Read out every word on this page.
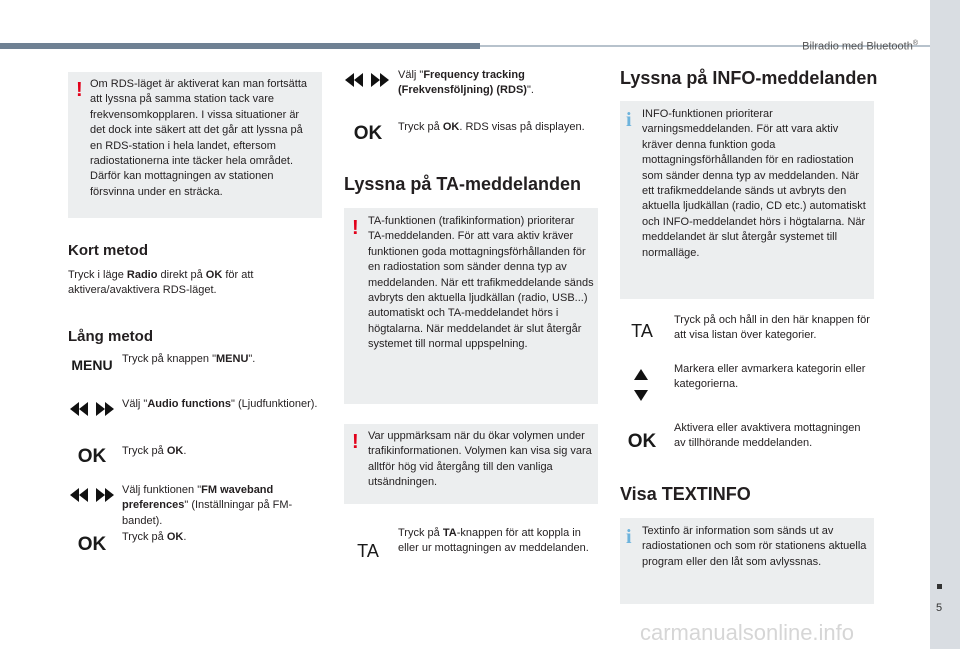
Bilradio med Bluetooth®
5
carmanualsonline.info
! Om RDS-läget är aktiverat kan man fortsätta att lyssna på samma station tack vare frekvensomkopplaren. I vissa situationer är det dock inte säkert att det går att lyssna på en RDS-station i hela landet, eftersom radiostationerna inte täcker hela området. Därför kan mottagningen av stationen försvinna under en sträcka.
Kort metod
Tryck i läge Radio direkt på OK för att aktivera/avaktivera RDS-läget.
Lång metod
MENU Tryck på knappen "MENU".
Välj "Audio functions" (Ljudfunktioner).
OK	Tryck på OK.
Välj funktionen "FM waveband preferences" (Inställningar på FM-bandet).
OK	Tryck på OK.
Välj "Frequency tracking (Frekvensföljning) (RDS)".
OK	Tryck på OK. RDS visas på displayen.
Lyssna på TA-meddelanden
! TA-funktionen (trafikinformation) prioriterar TA-meddelanden. För att vara aktiv kräver funktionen goda mottagningsförhållanden för en radiostation som sänder denna typ av meddelanden. När ett trafikmeddelande sänds avbryts den aktuella ljudkällan (radio, USB...) automatiskt och TA-meddelandet hörs i högtalarna. När meddelandet är slut återgår systemet till normal uppspelning.
! Var uppmärksam när du ökar volymen under trafikinformationen. Volymen kan visa sig vara alltför hög vid återgång till den vanliga utsändningen.
TA
Tryck på TA-knappen för att koppla in eller ur mottagningen av meddelanden.
Lyssna på INFO-meddelanden
i INFO-funktionen prioriterar varningsmeddelanden. För att vara aktiv kräver denna funktion goda mottagningsförhållanden för en radiostation som sänder denna typ av meddelanden. När ett trafikmeddelande sänds ut avbryts den aktuella ljudkällan (radio, CD etc.) automatiskt och INFO-meddelandet hörs i högtalarna. När meddelandet är slut återgår systemet till normalläge.
TA
Tryck på och håll in den här knappen för att visa listan över kategorier.
Markera eller avmarkera kategorin eller kategorierna.
OK
Aktivera eller avaktivera mottagningen av tillhörande meddelanden.
Visa TEXTINFO
i Textinfo är information som sänds ut av radiostationen och som rör stationens aktuella program eller den låt som avlyssnas.
